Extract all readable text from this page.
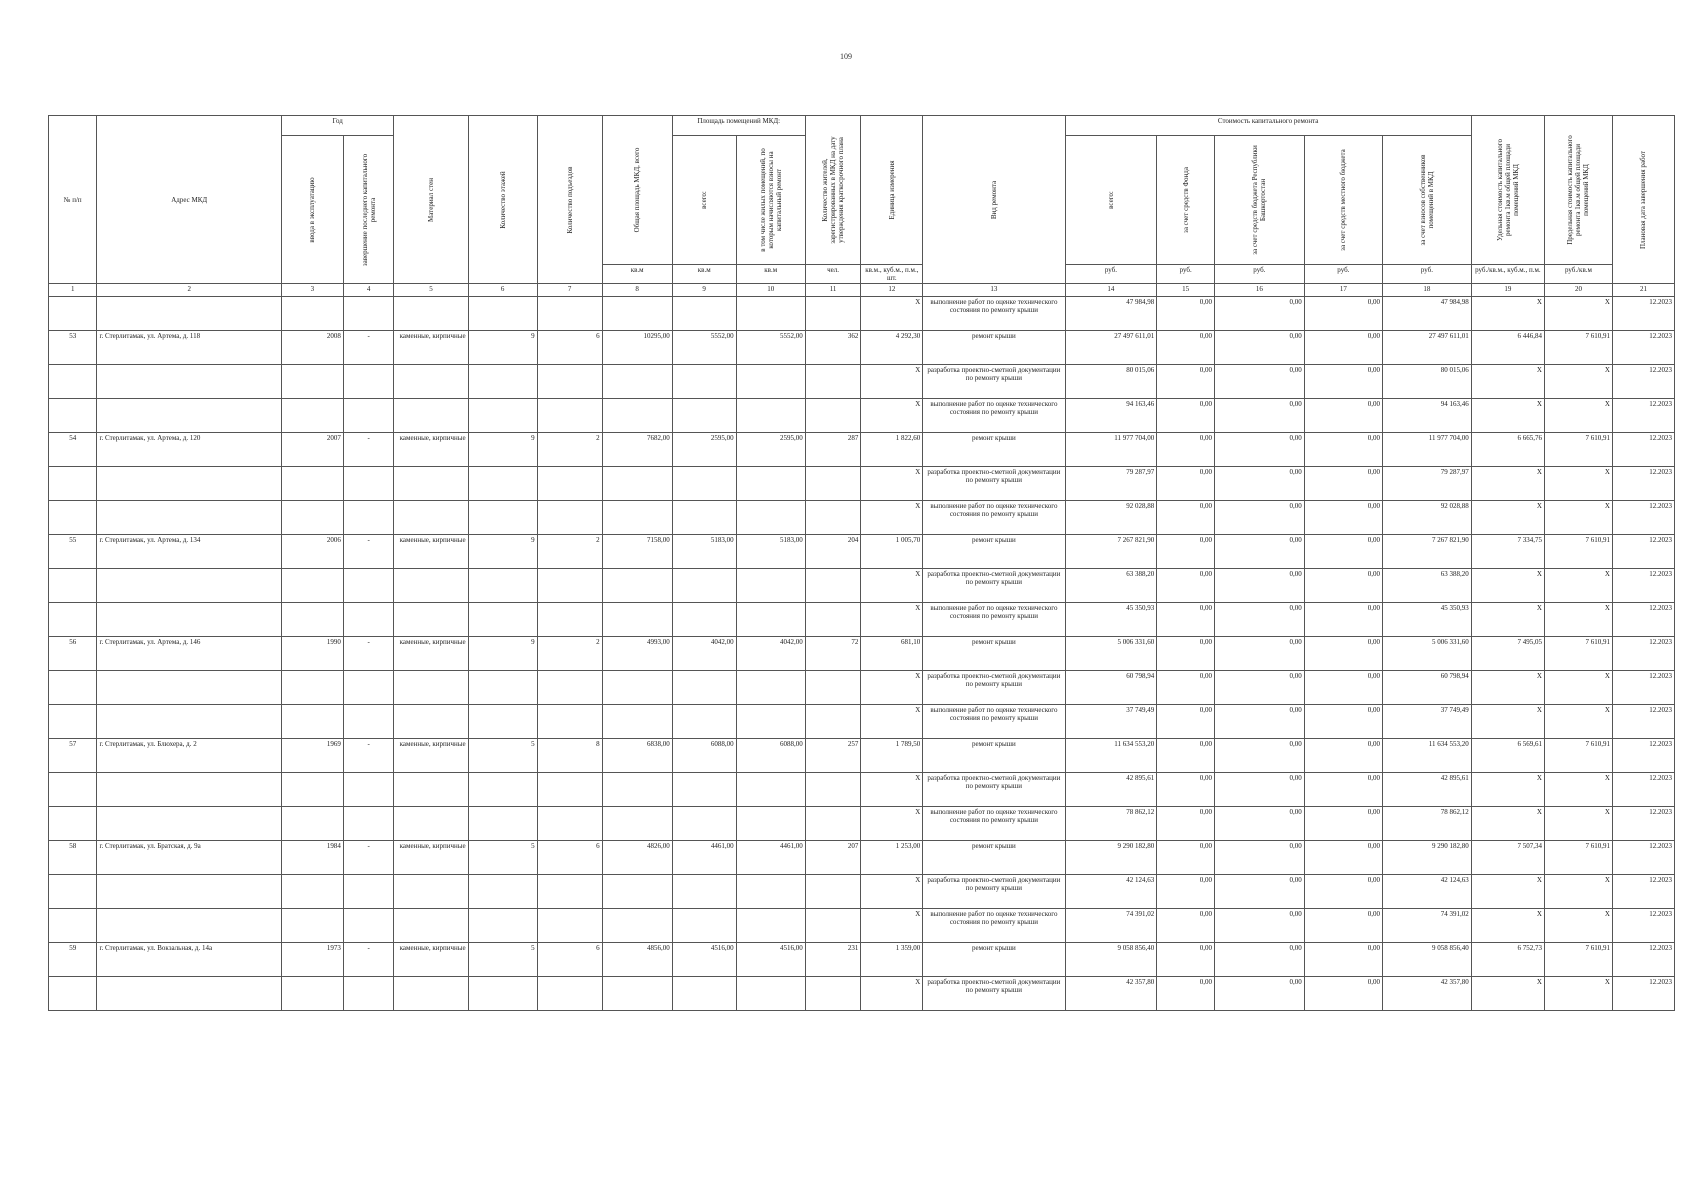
109
№ п/п	Адрес МКД	Год		Материал стен	Количество этажей	Количество подъездов	Общая площадь МКД, всего	Площадь помещений МКД:		Количество жителей, зарегистрированных в МКД на дату утверждения краткосрочного плана	Единица измерения	Вид ремонта	Стоимость капитального ремонта					Удельная стоимость капитального ремонта 1кв.м общей площади помещений МКД	Предельная стоимость капитального ремонта 1кв.м общей площади помещений МКД	Плановая дата завершения работ

		ввода в эксплуатацию	завершение последнего капитального ремонта					всего:	в том числе жилых помещений, по которым начисляются взносы на капитальный ремонт				всего:	за счет средств Фонда	за счет средств бюджета Республики Башкортостан	за счет средств местного бюджета	за счет взносов собственников помещений в МКД			

							кв.м	кв.м	кв.м	чел.	кв.м., куб.м., п.м., шт.		руб.	руб.	руб.	руб.	руб.	руб./кв.м., куб.м., п.м.	руб./кв.м	
1	2	3	4	5	6	7	8	9	10	11	12	13	14	15	16	17	18	19	20	21
											X	выполнение работ по оценке технического состояния по ремонту крыши	47 984,98	0,00	0,00	0,00	47 984,98	X	X	12.2023
53	г. Стерлитамак, ул. Артема, д. 118	2008	-	каменные, кирпичные	9	6	10295,00	5552,00	5552,00	362	4 292,30	ремонт крыши	27 497 611,01	0,00	0,00	0,00	27 497 611,01	6 446,84	7 610,91	12.2023
											X	разработка проектно-сметной документации по ремонту крыши	80 015,06	0,00	0,00	0,00	80 015,06	X	X	12.2023
											X	выполнение работ по оценке технического состояния по ремонту крыши	94 163,46	0,00	0,00	0,00	94 163,46	X	X	12.2023
54	г. Стерлитамак, ул. Артема, д. 120	2007	-	каменные, кирпичные	9	2	7682,00	2595,00	2595,00	287	1 822,60	ремонт крыши	11 977 704,00	0,00	0,00	0,00	11 977 704,00	6 665,76	7 610,91	12.2023
											X	разработка проектно-сметной документации по ремонту крыши	79 287,97	0,00	0,00	0,00	79 287,97	X	X	12.2023
											X	выполнение работ по оценке технического состояния по ремонту крыши	92 028,88	0,00	0,00	0,00	92 028,88	X	X	12.2023
55	г. Стерлитамак, ул. Артема, д. 134	2006	-	каменные, кирпичные	9	2	7158,00	5183,00	5183,00	204	1 005,70	ремонт крыши	7 267 821,90	0,00	0,00	0,00	7 267 821,90	7 334,75	7 610,91	12.2023
											X	разработка проектно-сметной документации по ремонту крыши	63 388,20	0,00	0,00	0,00	63 388,20	X	X	12.2023
											X	выполнение работ по оценке технического состояния по ремонту крыши	45 350,93	0,00	0,00	0,00	45 350,93	X	X	12.2023
56	г. Стерлитамак, ул. Артема, д. 146	1990	-	каменные, кирпичные	9	2	4993,00	4042,00	4042,00	72	681,10	ремонт крыши	5 006 331,60	0,00	0,00	0,00	5 006 331,60	7 495,05	7 610,91	12.2023
											X	разработка проектно-сметной документации по ремонту крыши	60 798,94	0,00	0,00	0,00	60 798,94	X	X	12.2023
											X	выполнение работ по оценке технического состояния по ремонту крыши	37 749,49	0,00	0,00	0,00	37 749,49	X	X	12.2023
57	г. Стерлитамак, ул. Блюхера, д. 2	1969	-	каменные, кирпичные	5	8	6838,00	6088,00	6088,00	257	1 789,50	ремонт крыши	11 634 553,20	0,00	0,00	0,00	11 634 553,20	6 569,61	7 610,91	12.2023
											X	разработка проектно-сметной документации по ремонту крыши	42 895,61	0,00	0,00	0,00	42 895,61	X	X	12.2023
											X	выполнение работ по оценке технического состояния по ремонту крыши	78 862,12	0,00	0,00	0,00	78 862,12	X	X	12.2023
58	г. Стерлитамак, ул. Братская, д. 9а	1984	-	каменные, кирпичные	5	6	4826,00	4461,00	4461,00	207	1 253,00	ремонт крыши	9 290 182,80	0,00	0,00	0,00	9 290 182,80	7 507,34	7 610,91	12.2023
											X	разработка проектно-сметной документации по ремонту крыши	42 124,63	0,00	0,00	0,00	42 124,63	X	X	12.2023
											X	выполнение работ по оценке технического состояния по ремонту крыши	74 391,02	0,00	0,00	0,00	74 391,02	X	X	12.2023
59	г. Стерлитамак, ул. Вокзальная, д. 14а	1973	-	каменные, кирпичные	5	6	4856,00	4516,00	4516,00	231	1 359,00	ремонт крыши	9 058 856,40	0,00	0,00	0,00	9 058 856,40	6 752,73	7 610,91	12.2023
											X	разработка проектно-сметной документации по ремонту крыши	42 357,80	0,00	0,00	0,00	42 357,80	X	X	12.2023
